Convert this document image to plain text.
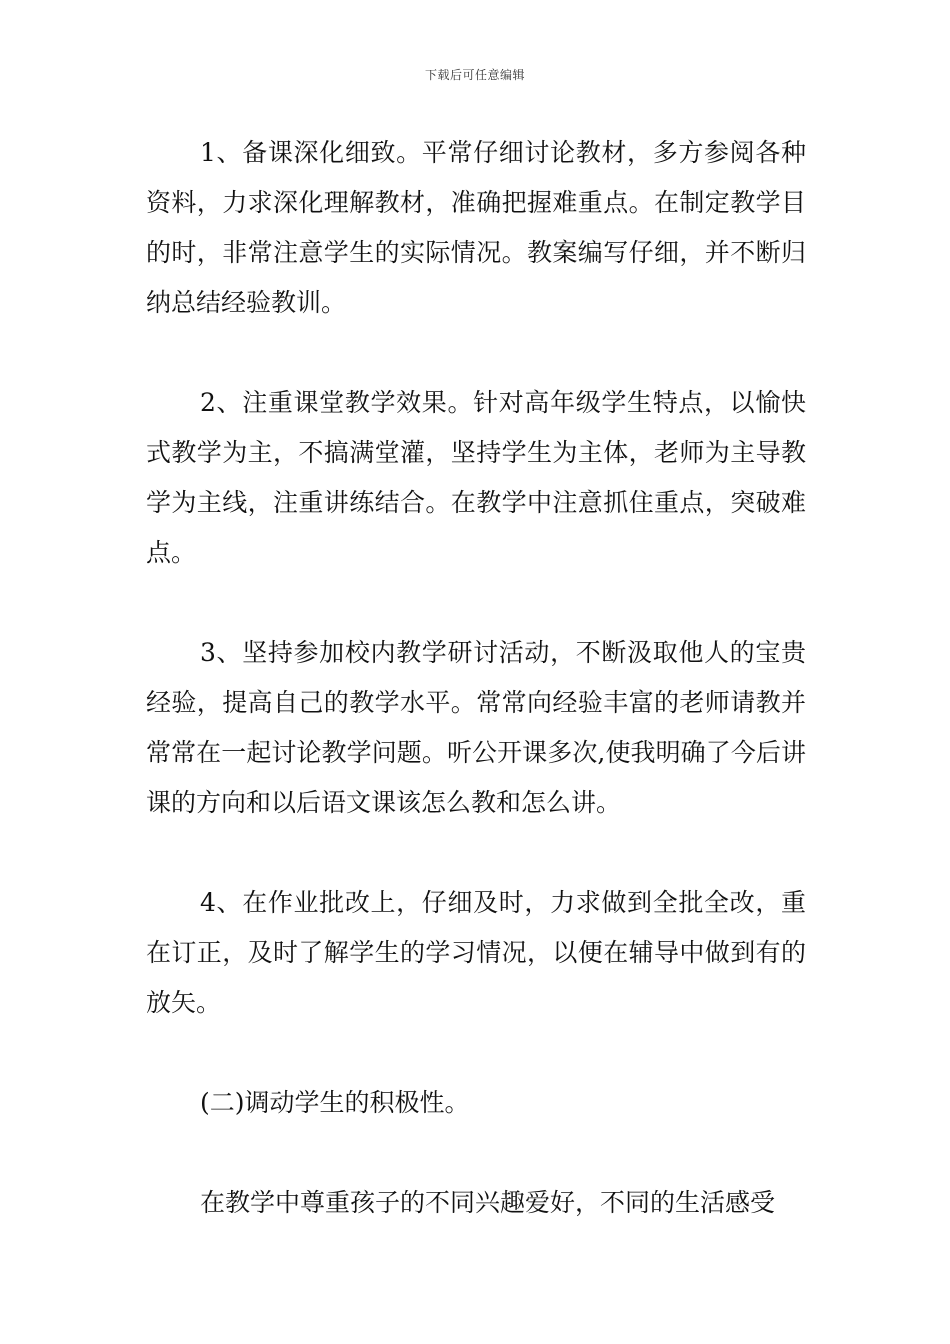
下载后可任意编辑

1、备课深化细致。平常仔细讨论教材，多方参阅各种资料，力求深化理解教材，准确把握难重点。在制定教学目的时，非常注意学生的实际情况。教案编写仔细，并不断归纳总结经验教训。

2、注重课堂教学效果。针对高年级学生特点，以愉快式教学为主，不搞满堂灌，坚持学生为主体，老师为主导教学为主线，注重讲练结合。在教学中注意抓住重点，突破难点。

3、坚持参加校内教学研讨活动，不断汲取他人的宝贵经验，提高自己的教学水平。常常向经验丰富的老师请教并常常在一起讨论教学问题。听公开课多次,使我明确了今后讲课的方向和以后语文课该怎么教和怎么讲。

4、在作业批改上，仔细及时，力求做到全批全改，重在订正，及时了解学生的学习情况，以便在辅导中做到有的放矢。

(二)调动学生的积极性。

在教学中尊重孩子的不同兴趣爱好，不同的生活感受
